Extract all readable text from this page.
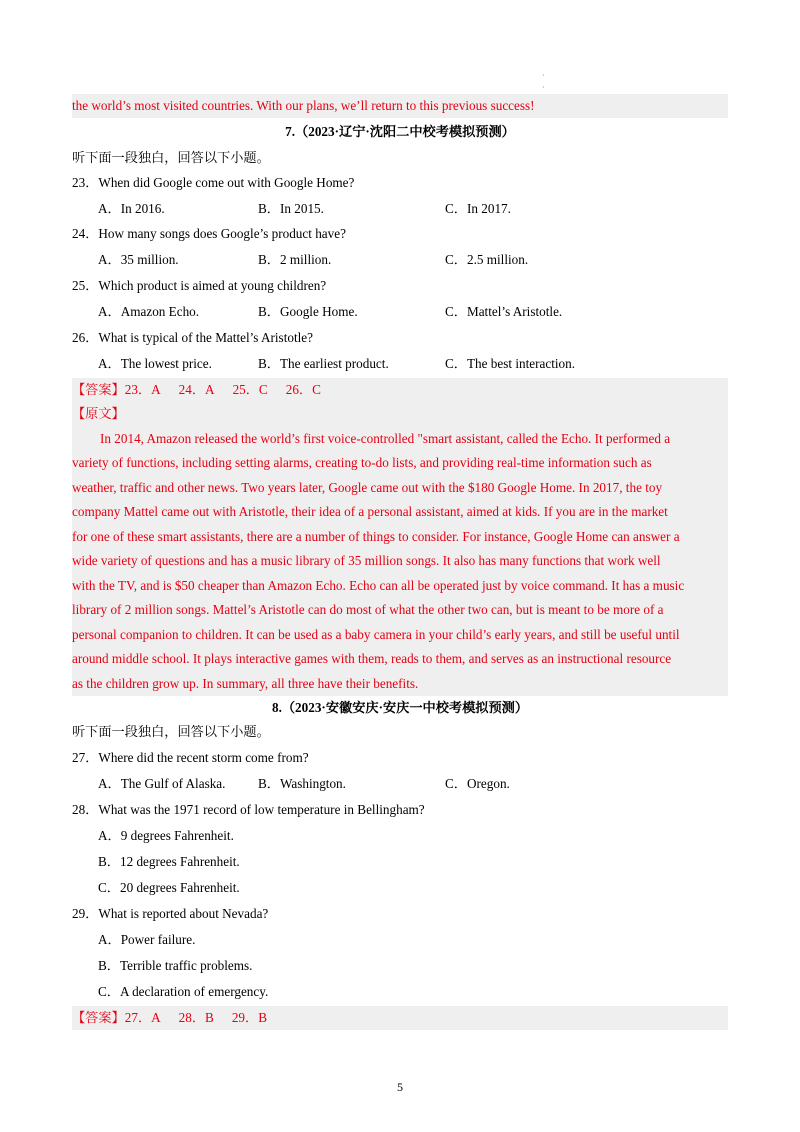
·
·
the world’s most visited countries. With our plans, we’ll return to this previous success!
7.（2023·辽宁·沈阳二中校考模拟预测）
听下面一段独白，回答以下小题。
23．When did Google come out with Google Home?
A．In 2016.	B．In 2015.	C．In 2017.
24．How many songs does Google’s product have?
A．35 million.	B．2 million.	C．2.5 million.
25．Which product is aimed at young children?
A．Amazon Echo.	B．Google Home.	C．Mattel’s Aristotle.
26．What is typical of the Mattel’s Aristotle?
A．The lowest price.	B．The earliest product.	C．The best interaction.
【答案】23．A 24．A 25．C 26．C
【原文】
In 2014, Amazon released the world’s first voice-controlled "smart assistant, called the Echo. It performed a
variety of functions, including setting alarms, creating to-do lists, and providing real-time information such as
weather, traffic and other news. Two years later, Google came out with the $180 Google Home. In 2017, the toy
company Mattel came out with Aristotle, their idea of a personal assistant, aimed at kids. If you are in the market
for one of these smart assistants, there are a number of things to consider. For instance, Google Home can answer a
wide variety of questions and has a music library of 35 million songs. It also has many functions that work well
with the TV, and is $50 cheaper than Amazon Echo. Echo can all be operated just by voice command. It has a music
library of 2 million songs. Mattel’s Aristotle can do most of what the other two can, but is meant to be more of a
personal companion to children. It can be used as a baby camera in your child’s early years, and still be useful until
around middle school. It plays interactive games with them, reads to them, and serves as an instructional resource
as the children grow up. In summary, all three have their benefits.
8.（2023·安徽安庆·安庆一中校考模拟预测）
听下面一段独白，回答以下小题。
27．Where did the recent storm come from?
A．The Gulf of Alaska. B．Washington.	C．Oregon.
28．What was the 1971 record of low temperature in Bellingham?
A．9 degrees Fahrenheit.
B．12 degrees Fahrenheit.
C．20 degrees Fahrenheit.
29．What is reported about Nevada?
A．Power failure.
B．Terrible traffic problems.
C．A declaration of emergency.
【答案】27．A 28．B 29．B
5
